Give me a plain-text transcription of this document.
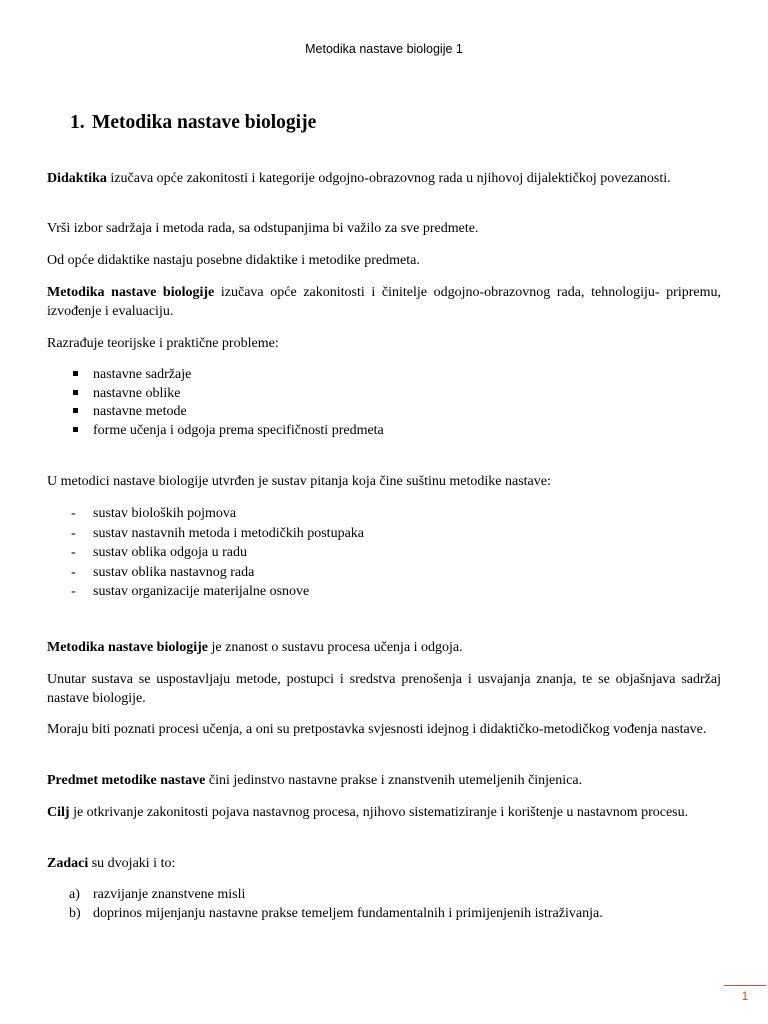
Metodika nastave biologije 1
1. Metodika nastave biologije

Didaktika izučava opće zakonitosti i kategorije odgojno-obrazovnog rada u njihovoj dijalektičkoj povezanosti.

Vrši izbor sadržaja i metoda rada, sa odstupanjima bi važilo za sve predmete.

Od opće didaktike nastaju posebne didaktike i metodike predmeta.

Metodika nastave biologije izučava opće zakonitosti i činitelje odgojno-obrazovnog rada, tehnologiju- pripremu, izvođenje i evaluaciju.

Razrađuje teorijske i praktične probleme:

nastavne sadržaje
nastavne oblike
nastavne metode
forme učenja i odgoja prema specifičnosti predmeta

U metodici nastave biologije utvrđen je sustav pitanja koja čine suštinu metodike nastave:

- sustav bioloških pojmova
- sustav nastavnih metoda i metodičkih postupaka
- sustav oblika odgoja u radu
- sustav oblika nastavnog rada
- sustav organizacije materijalne osnove

Metodika nastave biologije je znanost o sustavu procesa učenja i odgoja.

Unutar sustava se uspostavljaju metode, postupci i sredstva prenošenja i usvajanja znanja, te se objašnjava sadržaj nastave biologije.

Moraju biti poznati procesi učenja, a oni su pretpostavka svjesnosti idejnog i didaktičko-metodičkog vođenja nastave.

Predmet metodike nastave čini jedinstvo nastavne prakse i znanstvenih utemeljenih činjenica.

Cilj je otkrivanje zakonitosti pojava nastavnog procesa, njihovo sistematiziranje i korištenje u nastavnom procesu.

Zadaci su dvojaki i to:

a) razvijanje znanstvene misli
b) doprinos mijenjanju nastavne prakse temeljem fundamentalnih i primijenjenih istraživanja.
1
